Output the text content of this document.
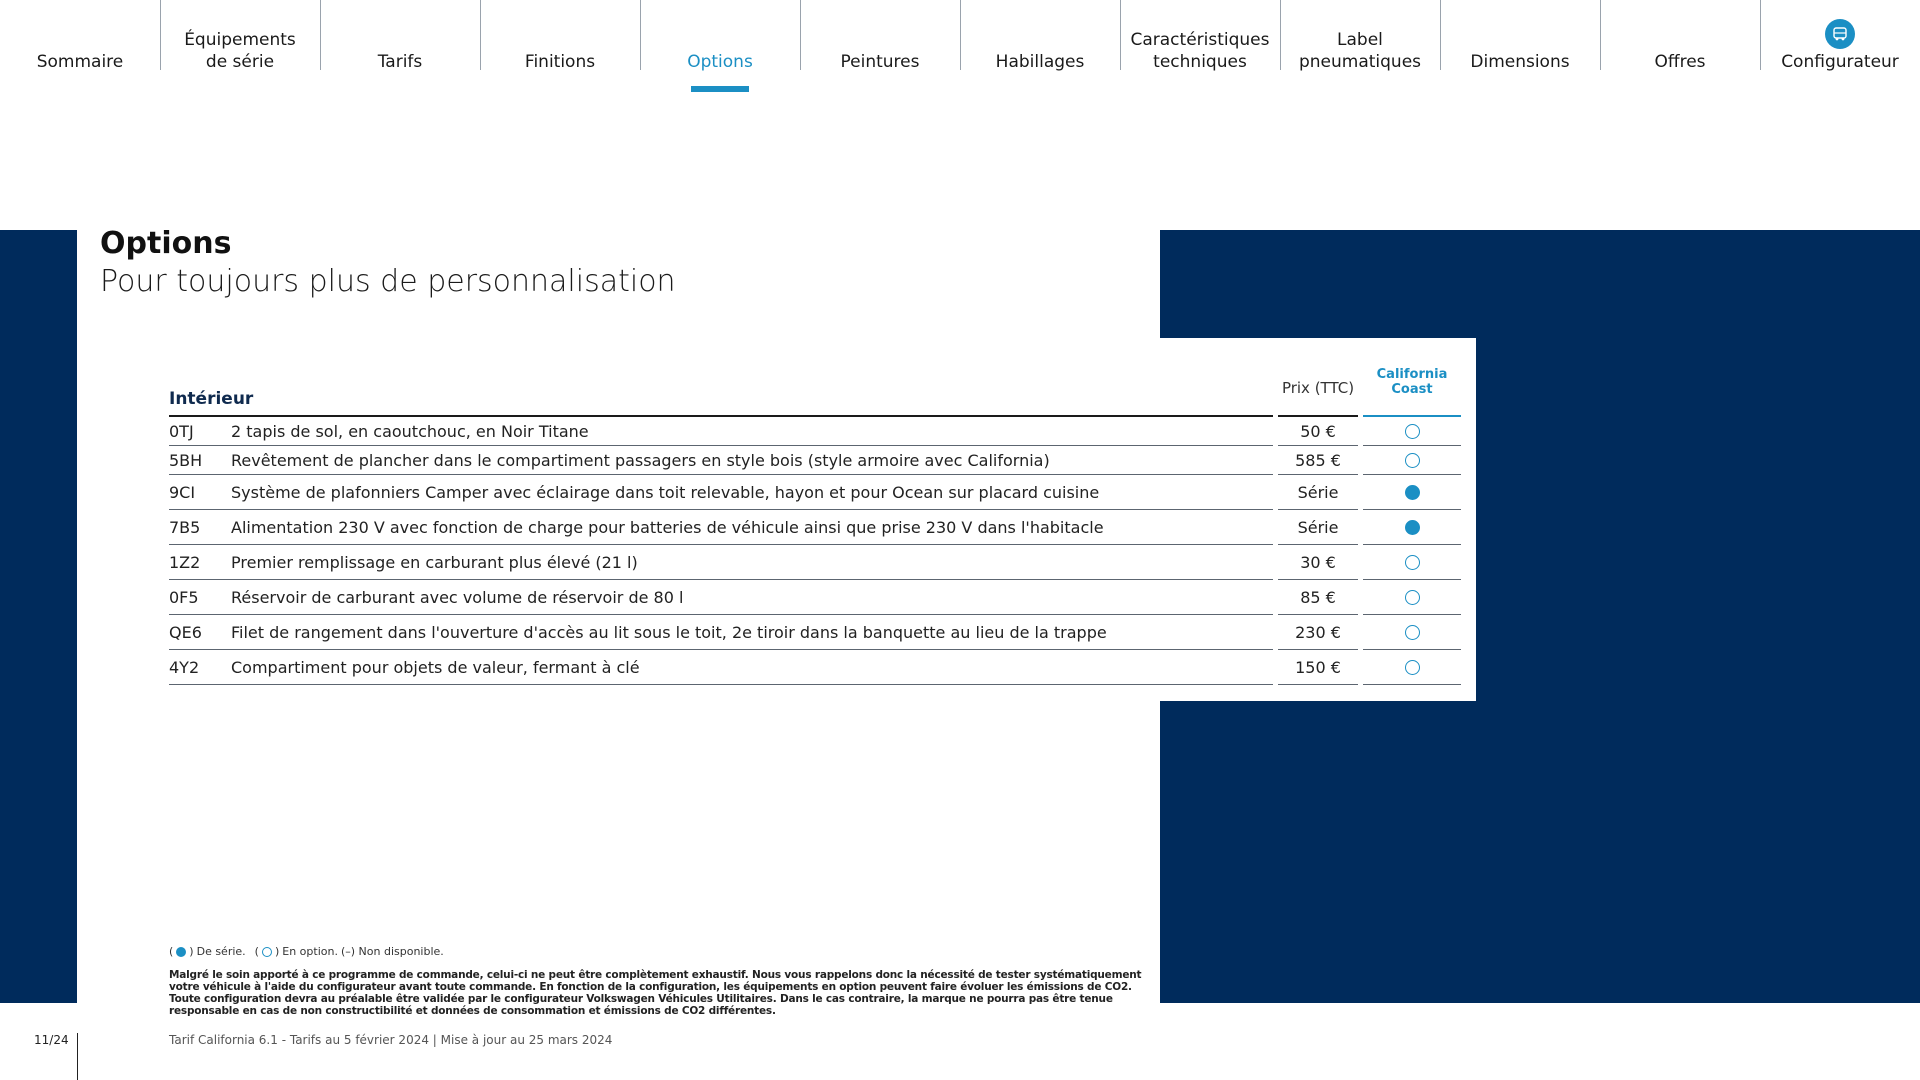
Sommaire
Équipements
de série	Tarifs	Finitions	Options	Peintures	Habillages
Caractéristiques
techniques
Label
pneumatiques	Dimensions	Offres	Configurateur
Options
Pour toujours plus de personnalisation
Intérieur
Prix (TTC)
California
Coast
0TJ	2 tapis de sol, en caoutchouc, en Noir Titane	50 €
5BH	Revêtement de plancher dans le compartiment passagers en style bois (style armoire avec California)	585 €
9CI	Système de plafonniers Camper avec éclairage dans toit relevable, hayon et pour Ocean sur placard cuisine	Série
7B5	Alimentation 230 V avec fonction de charge pour batteries de véhicule ainsi que prise 230 V dans l'habitacle	Série
1Z2	Premier remplissage en carburant plus élevé (21 l)	30 €
0F5	Réservoir de carburant avec volume de réservoir de 80 l	85 €
QE6	Filet de rangement dans l'ouverture d'accès au lit sous le toit, 2e tiroir dans la banquette au lieu de la trappe	230 €
4Y2	Compartiment pour objets de valeur, fermant à clé	150 €
( ) De série. ( ) En option. (–) Non disponible.

Malgré le soin apporté à ce programme de commande, celui-ci ne peut être complètement exhaustif. Nous vous rappelons donc la nécessité de tester systématiquement votre véhicule à l'aide du configurateur avant toute commande. En fonction de la configuration, les équipements en option peuvent faire évoluer les émissions de CO2. Toute configuration devra au préalable être validée par le configurateur Volkswagen Véhicules Utilitaires. Dans le cas contraire, la marque ne pourra pas être tenue responsable en cas de non constructibilité et données de consommation et émissions de CO2 différentes.

11/24	Tarif California 6.1 - Tarifs au 5 février 2024 | Mise à jour au 25 mars 2024
